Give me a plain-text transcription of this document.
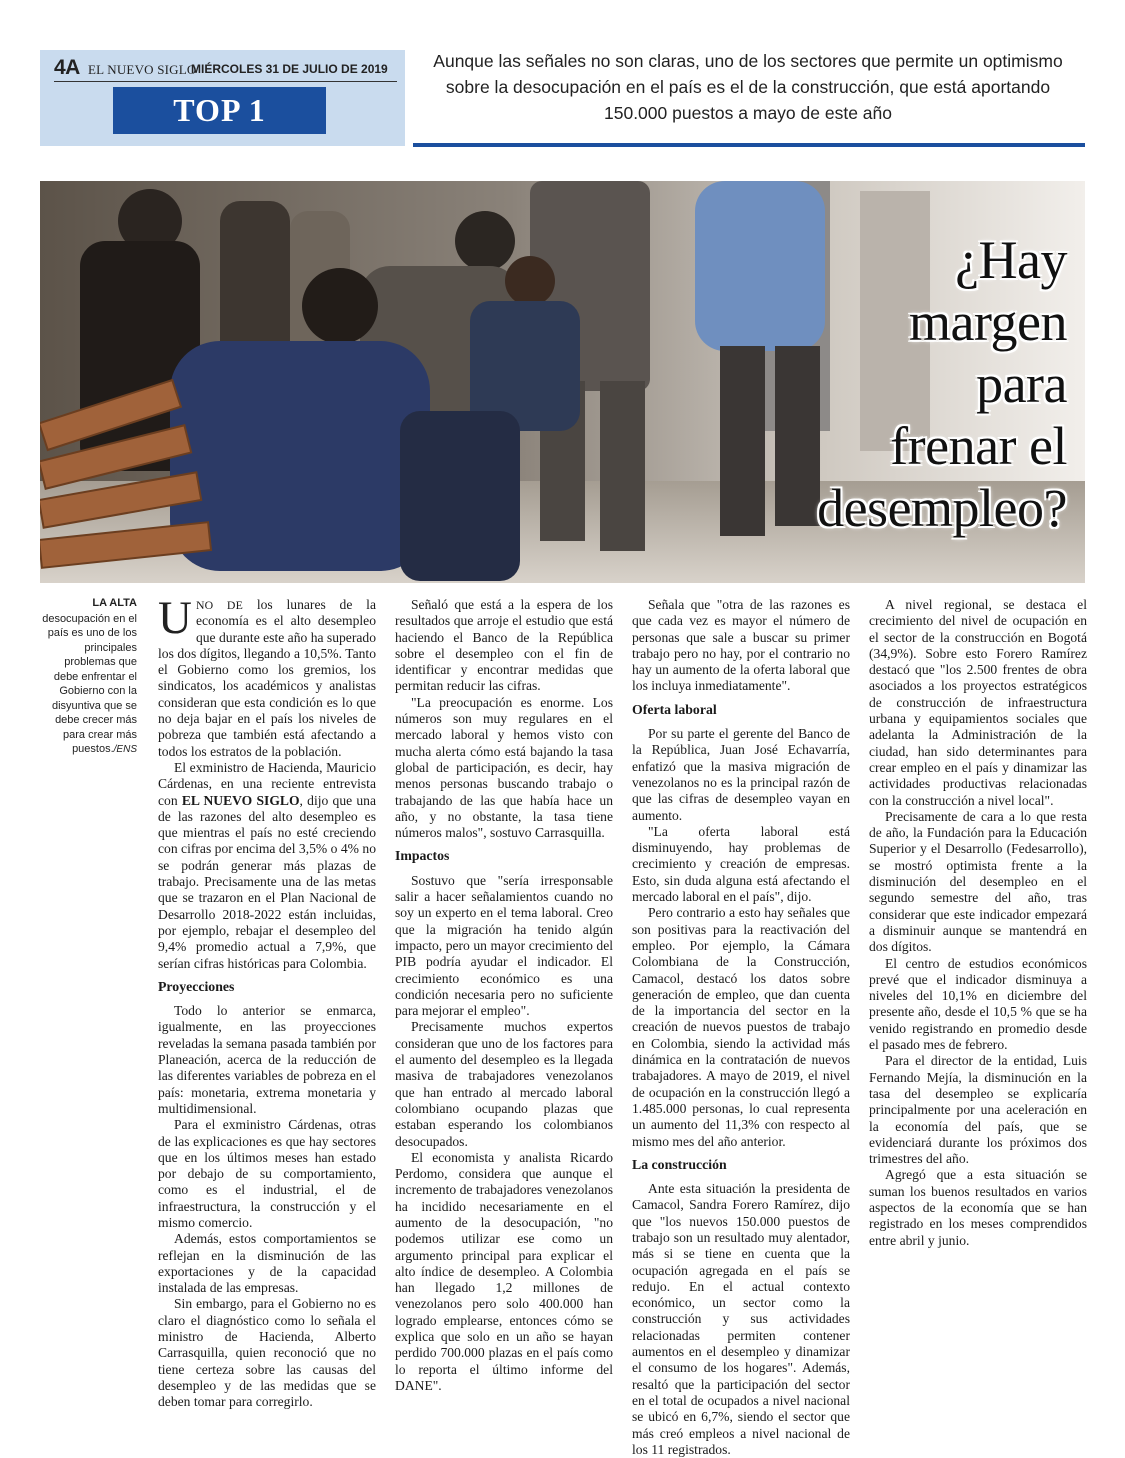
4A EL NUEVO SIGLO
MIÉRCOLES 31 DE JULIO DE 2019
TOP 1
Aunque las señales no son claras, uno de los sectores que permite un optimismo sobre la desocupación en el país es el de la construcción, que está aportando 150.000 puestos a mayo de este año
¿Hay
margen
para
frenar el
desempleo?
LA ALTA
desocupación en el país es uno de los principales problemas que debe enfrentar el Gobierno con la disyuntiva que se debe crecer más para crear más puestos./ENS

UNO DE los lunares de la economía es el alto desempleo que durante este año ha superado los dos dígitos, llegando a 10,5%. Tanto el Gobierno como los gremios, los sindicatos, los académicos y analistas consideran que esta condición es lo que no deja bajar en el país los niveles de pobreza que también está afectando a todos los estratos de la población.

El exministro de Hacienda, Mauricio Cárdenas, en una reciente entrevista con EL NUEVO SIGLO, dijo que una de las razones del alto desempleo es que mientras el país no esté creciendo con cifras por encima del 3,5% o 4% no se podrán generar más plazas de trabajo. Precisamente una de las metas que se trazaron en el Plan Nacional de Desarrollo 2018-2022 están incluidas, por ejemplo, rebajar el desempleo del 9,4% promedio actual a 7,9%, que serían cifras históricas para Colombia.

Proyecciones

Todo lo anterior se enmarca, igualmente, en las proyecciones reveladas la semana pasada también por Planeación, acerca de la reducción de las diferentes variables de pobreza en el país: monetaria, extrema monetaria y multidimensional.

Para el exministro Cárdenas, otras de las explicaciones es que hay sectores que en los últimos meses han estado por debajo de su comportamiento, como es el industrial, el de infraestructura, la construcción y el mismo comercio.

Además, estos comportamientos se reflejan en la disminución de las exportaciones y de la capacidad instalada de las empresas.

Sin embargo, para el Gobierno no es claro el diagnóstico como lo señala el ministro de Hacienda, Alberto Carrasquilla, quien reconoció que no tiene certeza sobre las causas del desempleo y de las medidas que se deben tomar para corregirlo.

Señaló que está a la espera de los resultados que arroje el estudio que está haciendo el Banco de la República sobre el desempleo con el fin de identificar y encontrar medidas que permitan reducir las cifras.

"La preocupación es enorme. Los números son muy regulares en el mercado laboral y hemos visto con mucha alerta cómo está bajando la tasa global de participación, es decir, hay menos personas buscando trabajo o trabajando de las que había hace un año, y no obstante, la tasa tiene números malos", sostuvo Carrasquilla.

Impactos

Sostuvo que "sería irresponsable salir a hacer señalamientos cuando no soy un experto en el tema laboral. Creo que la migración ha tenido algún impacto, pero un mayor crecimiento del PIB podría ayudar el indicador. El crecimiento económico es una condición necesaria pero no suficiente para mejorar el empleo".

Precisamente muchos expertos consideran que uno de los factores para el aumento del desempleo es la llegada masiva de trabajadores venezolanos que han entrado al mercado laboral colombiano ocupando plazas que estaban esperando los colombianos desocupados.

El economista y analista Ricardo Perdomo, considera que aunque el incremento de trabajadores venezolanos ha incidido necesariamente en el aumento de la desocupación, "no podemos utilizar ese como un argumento principal para explicar el alto índice de desempleo. A Colombia han llegado 1,2 millones de venezolanos pero solo 400.000 han logrado emplearse, entonces cómo se explica que solo en un año se hayan perdido 700.000 plazas en el país como lo reporta el último informe del DANE".

Señala que "otra de las razones es que cada vez es mayor el número de personas que sale a buscar su primer trabajo pero no hay, por el contrario no hay un aumento de la oferta laboral que los incluya inmediatamente".

Oferta laboral

Por su parte el gerente del Banco de la República, Juan José Echavarría, enfatizó que la masiva migración de venezolanos no es la principal razón de que las cifras de desempleo vayan en aumento.

"La oferta laboral está disminuyendo, hay problemas de crecimiento y creación de empresas. Esto, sin duda alguna está afectando el mercado laboral en el país", dijo.

Pero contrario a esto hay señales que son positivas para la reactivación del empleo. Por ejemplo, la Cámara Colombiana de la Construcción, Camacol, destacó los datos sobre generación de empleo, que dan cuenta de la importancia del sector en la creación de nuevos puestos de trabajo en Colombia, siendo la actividad más dinámica en la contratación de nuevos trabajadores. A mayo de 2019, el nivel de ocupación en la construcción llegó a 1.485.000 personas, lo cual representa un aumento del 11,3% con respecto al mismo mes del año anterior.

La construcción

Ante esta situación la presidenta de Camacol, Sandra Forero Ramírez, dijo que "los nuevos 150.000 puestos de trabajo son un resultado muy alentador, más si se tiene en cuenta que la ocupación agregada en el país se redujo. En el actual contexto económico, un sector como la construcción y sus actividades relacionadas permiten contener aumentos en el desempleo y dinamizar el consumo de los hogares". Además, resaltó que la participación del sector en el total de ocupados a nivel nacional se ubicó en 6,7%, siendo el sector que más creó empleos a nivel nacional de los 11 registrados.

A nivel regional, se destaca el crecimiento del nivel de ocupación en el sector de la construcción en Bogotá (34,9%). Sobre esto Forero Ramírez destacó que "los 2.500 frentes de obra asociados a los proyectos estratégicos de construcción de infraestructura urbana y equipamientos sociales que adelanta la Administración de la ciudad, han sido determinantes para crear empleo en el país y dinamizar las actividades productivas relacionadas con la construcción a nivel local".

Precisamente de cara a lo que resta de año, la Fundación para la Educación Superior y el Desarrollo (Fedesarrollo), se mostró optimista frente a la disminución del desempleo en el segundo semestre del año, tras considerar que este indicador empezará a disminuir aunque se mantendrá en dos dígitos.

El centro de estudios económicos prevé que el indicador disminuya a niveles del 10,1% en diciembre del presente año, desde el 10,5 % que se ha venido registrando en promedio desde el pasado mes de febrero.

Para el director de la entidad, Luis Fernando Mejía, la disminución en la tasa del desempleo se explicaría principalmente por una aceleración en la economía del país, que se evidenciará durante los próximos dos trimestres del año.

Agregó que a esta situación se suman los buenos resultados en varios aspectos de la economía que se han registrado en los meses comprendidos entre abril y junio.
